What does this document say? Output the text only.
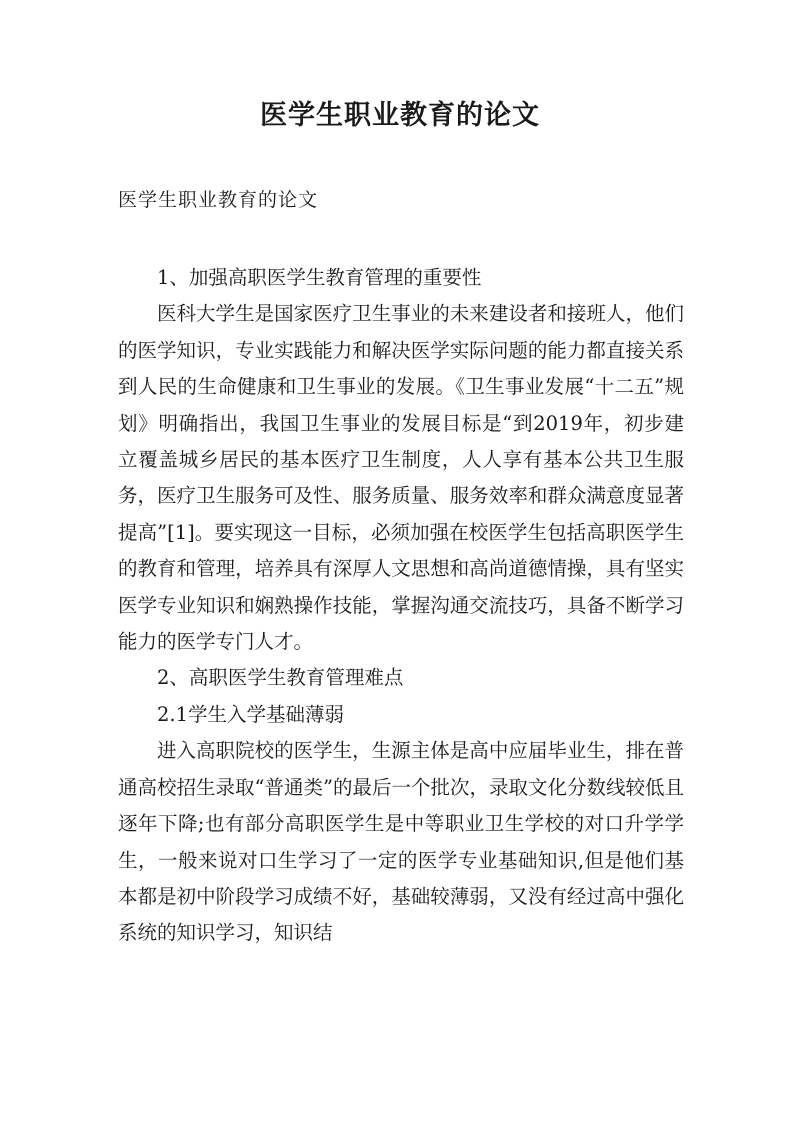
医学生职业教育的论文
医学生职业教育的论文

1、加强高职医学生教育管理的重要性

医科大学生是国家医疗卫生事业的未来建设者和接班人，他们的医学知识，专业实践能力和解决医学实际问题的能力都直接关系到人民的生命健康和卫生事业的发展。《卫生事业发展“十二五”规划》明确指出，我国卫生事业的发展目标是“到2019年，初步建立覆盖城乡居民的基本医疗卫生制度，人人享有基本公共卫生服务，医疗卫生服务可及性、服务质量、服务效率和群众满意度显著提高”[1]。要实现这一目标，必须加强在校医学生包括高职医学生的教育和管理，培养具有深厚人文思想和高尚道德情操，具有坚实医学专业知识和娴熟操作技能，掌握沟通交流技巧，具备不断学习能力的医学专门人才。

2、高职医学生教育管理难点

2.1学生入学基础薄弱

进入高职院校的医学生，生源主体是高中应届毕业生，排在普通高校招生录取“普通类”的最后一个批次，录取文化分数线较低且逐年下降;也有部分高职医学生是中等职业卫生学校的对口升学学生，一般来说对口生学习了一定的医学专业基础知识,但是他们基本都是初中阶段学习成绩不好，基础较薄弱，又没有经过高中强化系统的知识学习，知识结
